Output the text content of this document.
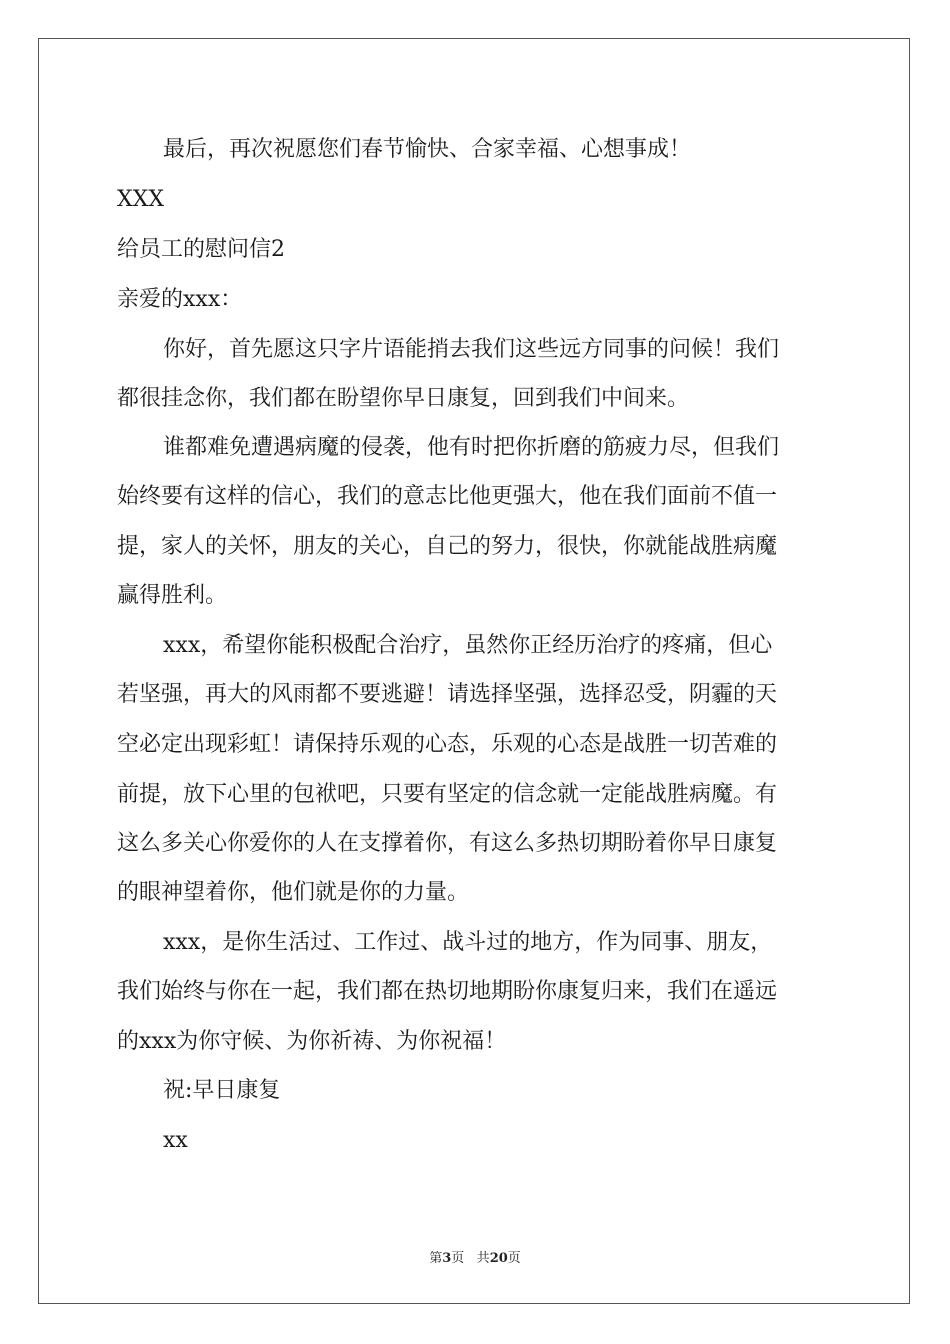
最后，再次祝愿您们春节愉快、合家幸福、心想事成！

XXX

给员工的慰问信2

亲爱的xxx：

你好，首先愿这只字片语能捎去我们这些远方同事的问候！我们

都很挂念你，我们都在盼望你早日康复，回到我们中间来。

谁都难免遭遇病魔的侵袭，他有时把你折磨的筋疲力尽，但我们

始终要有这样的信心，我们的意志比他更强大，他在我们面前不值一

提，家人的关怀，朋友的关心，自己的努力，很快，你就能战胜病魔

赢得胜利。

xxx，希望你能积极配合治疗，虽然你正经历治疗的疼痛，但心

若坚强，再大的风雨都不要逃避！请选择坚强，选择忍受，阴霾的天

空必定出现彩虹！请保持乐观的心态，乐观的心态是战胜一切苦难的

前提，放下心里的包袱吧，只要有坚定的信念就一定能战胜病魔。有

这么多关心你爱你的人在支撑着你，有这么多热切期盼着你早日康复

的眼神望着你，他们就是你的力量。

xxx，是你生活过、工作过、战斗过的地方，作为同事、朋友，

我们始终与你在一起，我们都在热切地期盼你康复归来，我们在遥远

的xxx为你守候、为你祈祷、为你祝福！

祝:早日康复

xx

第3页 共20页
